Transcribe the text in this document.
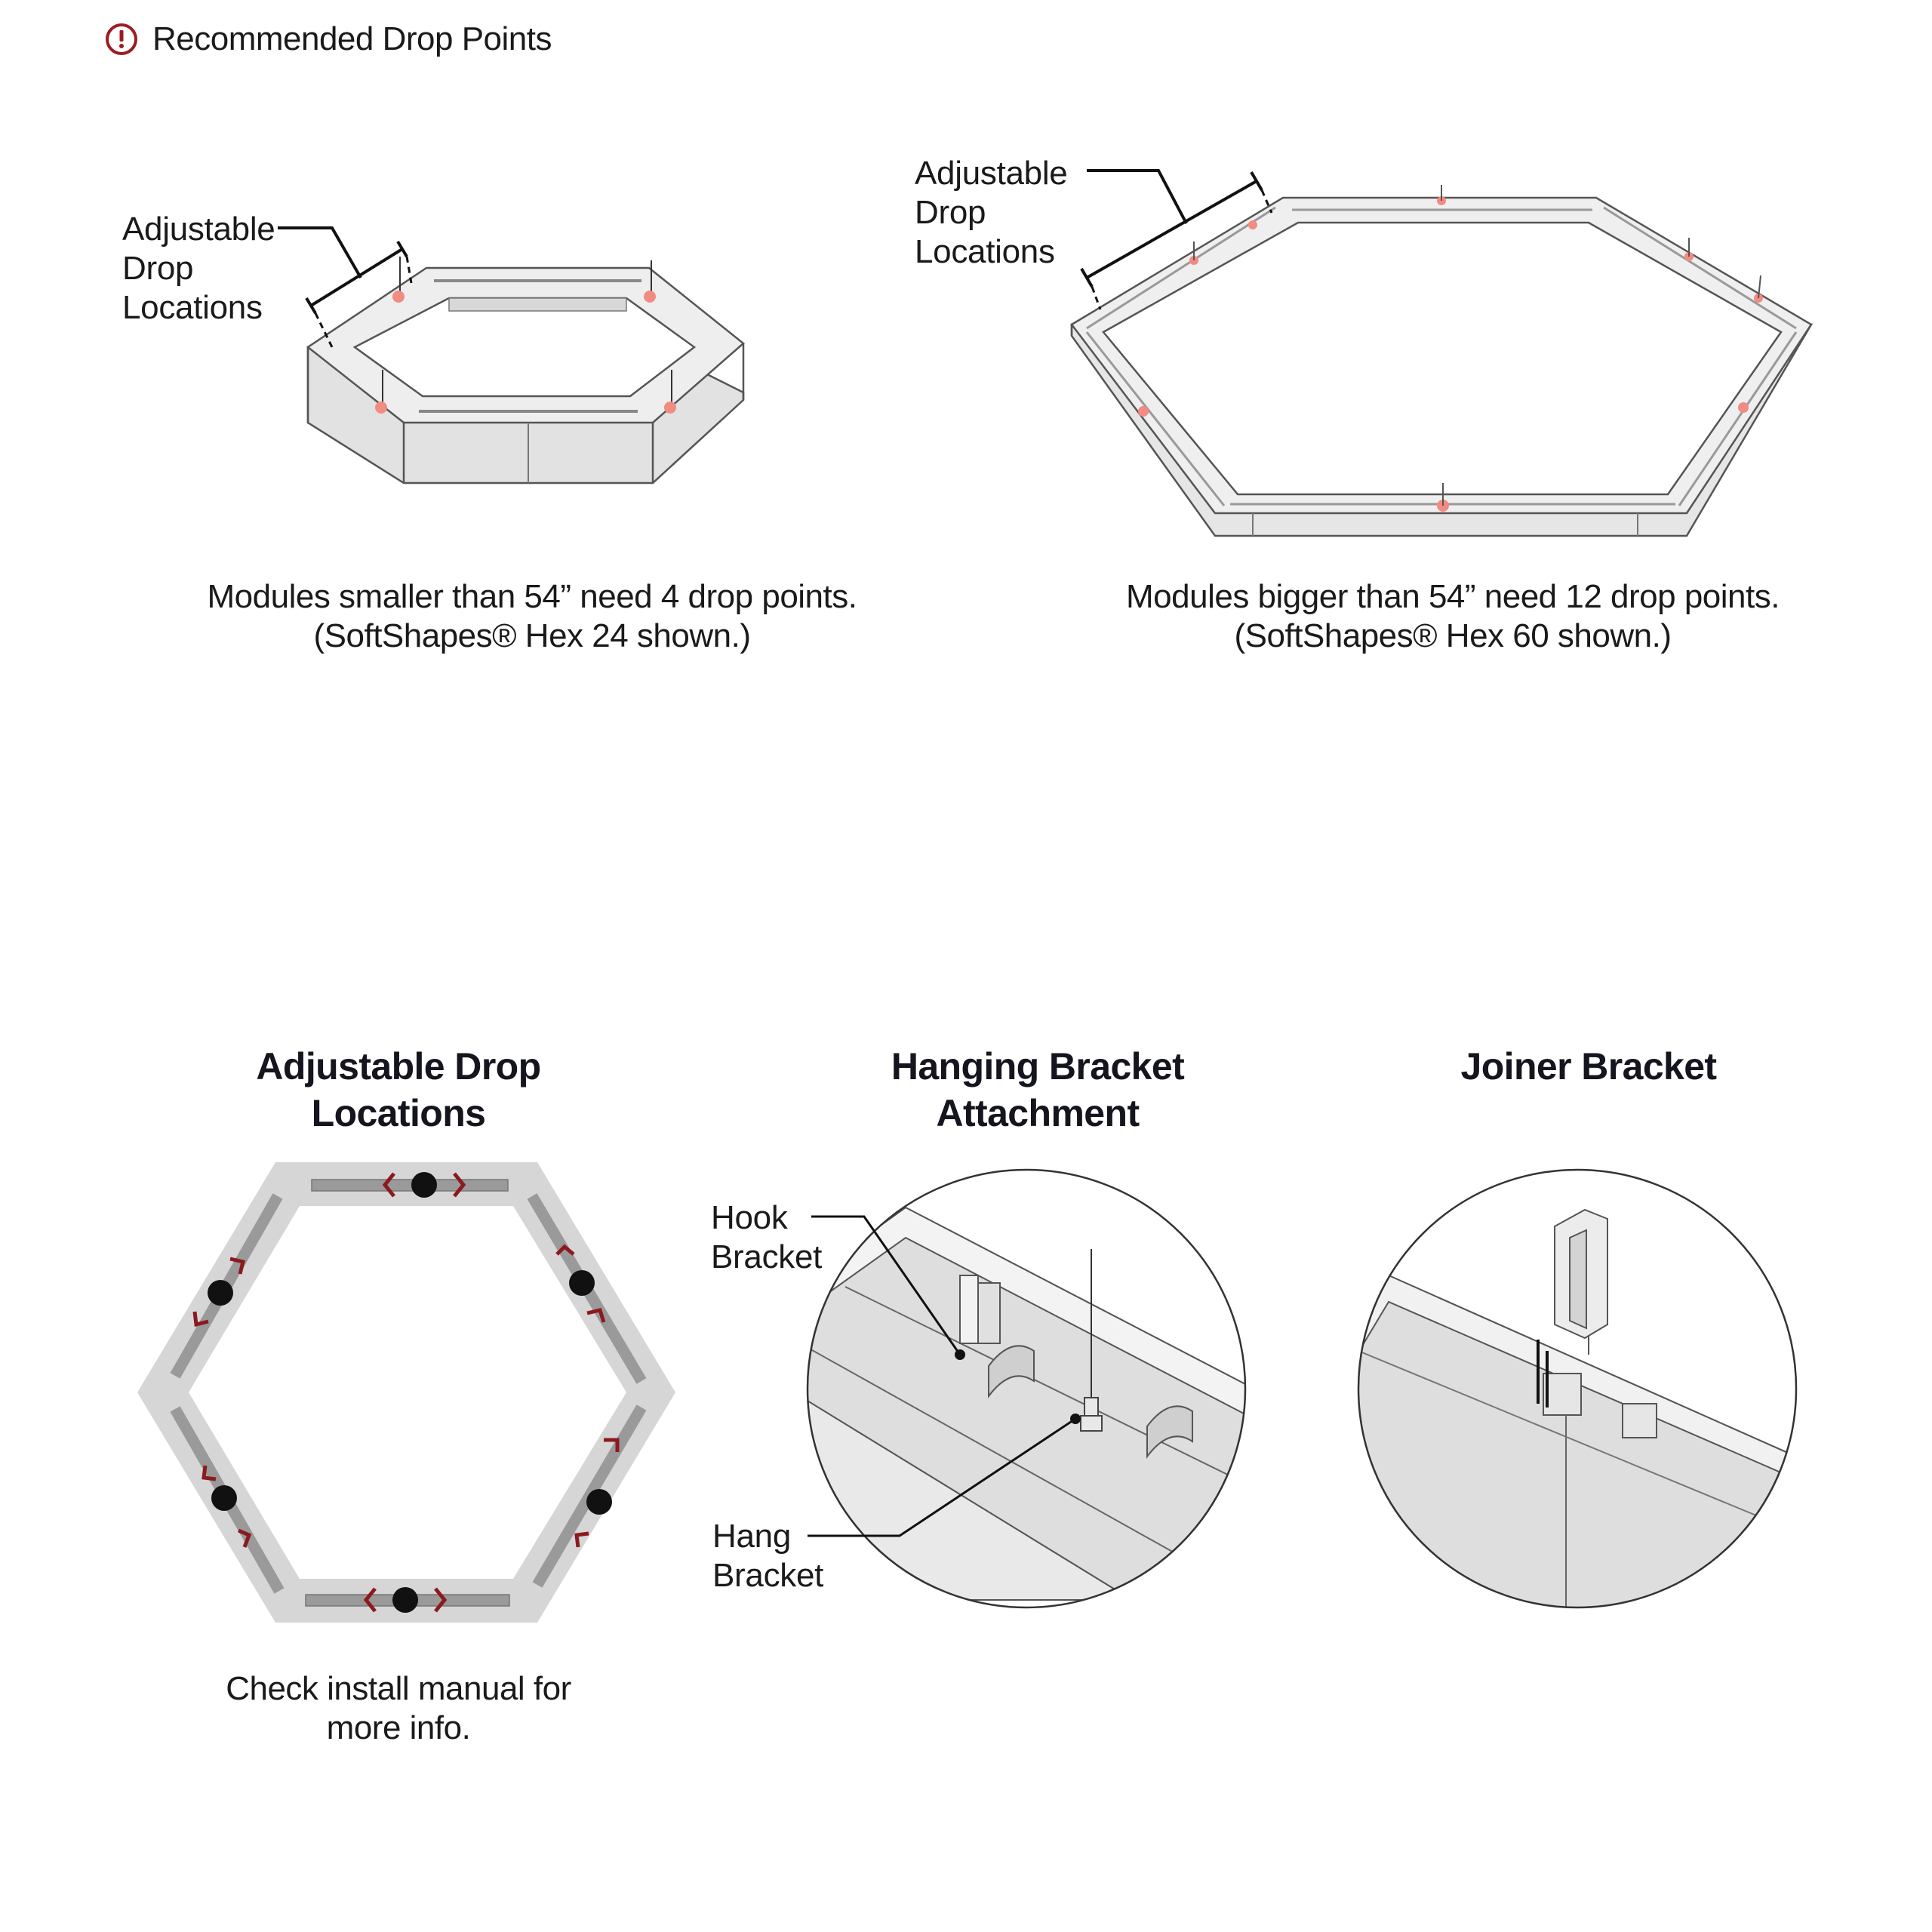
Recommended Drop Points
Adjustable
Drop
Locations
Modules smaller than 54” need 4 drop points.
(SoftShapes® Hex 24 shown.)
Adjustable
Drop
Locations
Modules bigger than 54” need 12 drop points.
(SoftShapes® Hex 60 shown.)
Adjustable Drop
Locations
Hanging Bracket
Attachment
Joiner Bracket
Check install manual for
more info.
Hook
Bracket
Hang
Bracket
